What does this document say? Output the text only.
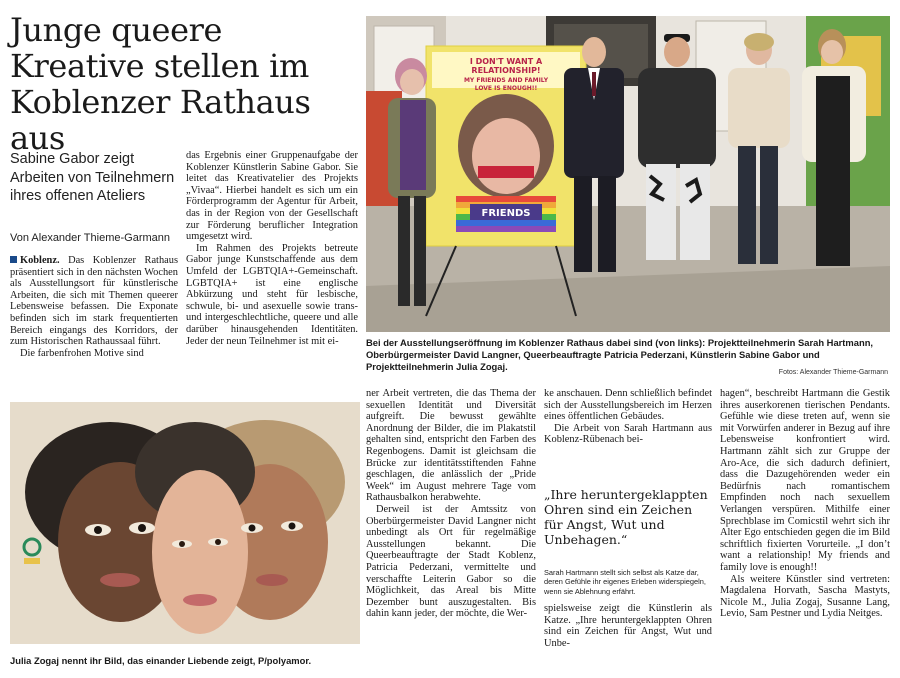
Junge queere Kreative stellen im Koblenzer Rathaus aus
Sabine Gabor zeigt Arbeiten von Teilnehmern ihres offenen Ateliers
Von Alexander Thieme-Garmann

Koblenz. Das Koblenzer Rathaus präsentiert sich in den nächsten Wochen als Ausstellungsort für künstlerische Arbeiten, die sich mit Themen queerer Lebensweise befassen. Die Exponate befinden sich im stark frequentierten Bereich eingangs des Korridors, der zum Historischen Rathaussaal führt.

Die farbenfrohen Motive sind

das Ergebnis einer Gruppenaufgabe der Koblenzer Künstlerin Sabine Gabor. Sie leitet das Kreativatelier des Projekts „Vivaa“. Hierbei handelt es sich um ein Förderprogramm der Agentur für Arbeit, das in der Region von der Gesellschaft zur Förderung beruflicher Integration umgesetzt wird.

Im Rahmen des Projekts betreute Gabor junge Kunstschaffende aus dem Umfeld der LGBTQIA+-Gemeinschaft. LGBTQIA+ ist eine englische Abkürzung und steht für lesbische, schwule, bi- und asexuelle sowie trans- und intergeschlechtliche, queere und alle darüber hinausgehenden Identitäten. Jeder der neun Teilnehmer ist mit ei-

I DON'T WANT A
RELATIONSHIP!
MY FRIENDS AND FAMILY
LOVE IS ENOUGH!!
FRIENDS
Bei der Ausstellungseröffnung im Koblenzer Rathaus dabei sind (von links): Projektteilnehmerin Sarah Hartmann, Oberbürgermeister David Langner, Queerbeauftragte Patricia Pederzani, Künstlerin Sabine Gabor und Projektteilnehmerin Julia Zogaj.
Fotos: Alexander Thieme-Garmann
Julia Zogaj nennt ihr Bild, das einander Liebende zeigt, P/polyamor.

ner Arbeit vertreten, die das Thema der sexuellen Identität und Diversität aufgreift. Die bewusst gewählte Anordnung der Bilder, die im Plakatstil gehalten sind, entspricht den Farben des Regenbogens. Damit ist gleichsam die Brücke zur identitätsstiftenden Fahne geschlagen, die anlässlich der „Pride Week“ im August mehrere Tage vom Rathausbalkon herabwehte.

Derweil ist der Amtssitz von Oberbürgermeister David Langner nicht unbedingt als Ort für regelmäßige Ausstellungen bekannt. Die Queerbeauftragte der Stadt Koblenz, Patricia Pederzani, vermittelte und verschaffte Leiterin Gabor so die Möglichkeit, das Areal bis Mitte Dezember bunt auszugestalten. Bis dahin kann jeder, der möchte, die Wer-

ke anschauen. Denn schließlich befindet sich der Ausstellungsbereich im Herzen eines öffentlichen Gebäudes.

Die Arbeit von Sarah Hartmann aus Koblenz-Rübenach bei-

„Ihre heruntergeklappten Ohren sind ein Zeichen für Angst, Wut und Unbehagen.“
Sarah Hartmann stellt sich selbst als Katze dar, deren Gefühle ihr eigenes Erleben widerspiegeln, wenn sie Ablehnung erfährt.

spielsweise zeigt die Künstlerin als Katze. „Ihre heruntergeklappten Ohren sind ein Zeichen für Angst, Wut und Unbe-

hagen“, beschreibt Hartmann die Gestik ihres auserkorenen tierischen Pendants. Gefühle wie diese treten auf, wenn sie mit Vorwürfen anderer in Bezug auf ihre Lebensweise konfrontiert wird. Hartmann zählt sich zur Gruppe der Aro-Ace, die sich dadurch definiert, dass die Dazugehörenden weder ein Bedürfnis nach romantischem Empfinden noch nach sexuellem Verlangen verspüren. Mithilfe einer Sprechblase im Comicstil wehrt sich ihr Alter Ego entschieden gegen die im Bild schriftlich fixierten Vorurteile. „I don’t want a relationship! My friends and family love is enough!!

Als weitere Künstler sind vertreten: Magdalena Horvath, Sascha Mastyts, Nicole M., Julia Zogaj, Susanne Lang, Levio, Sam Pestner und Lydia Neitges.
